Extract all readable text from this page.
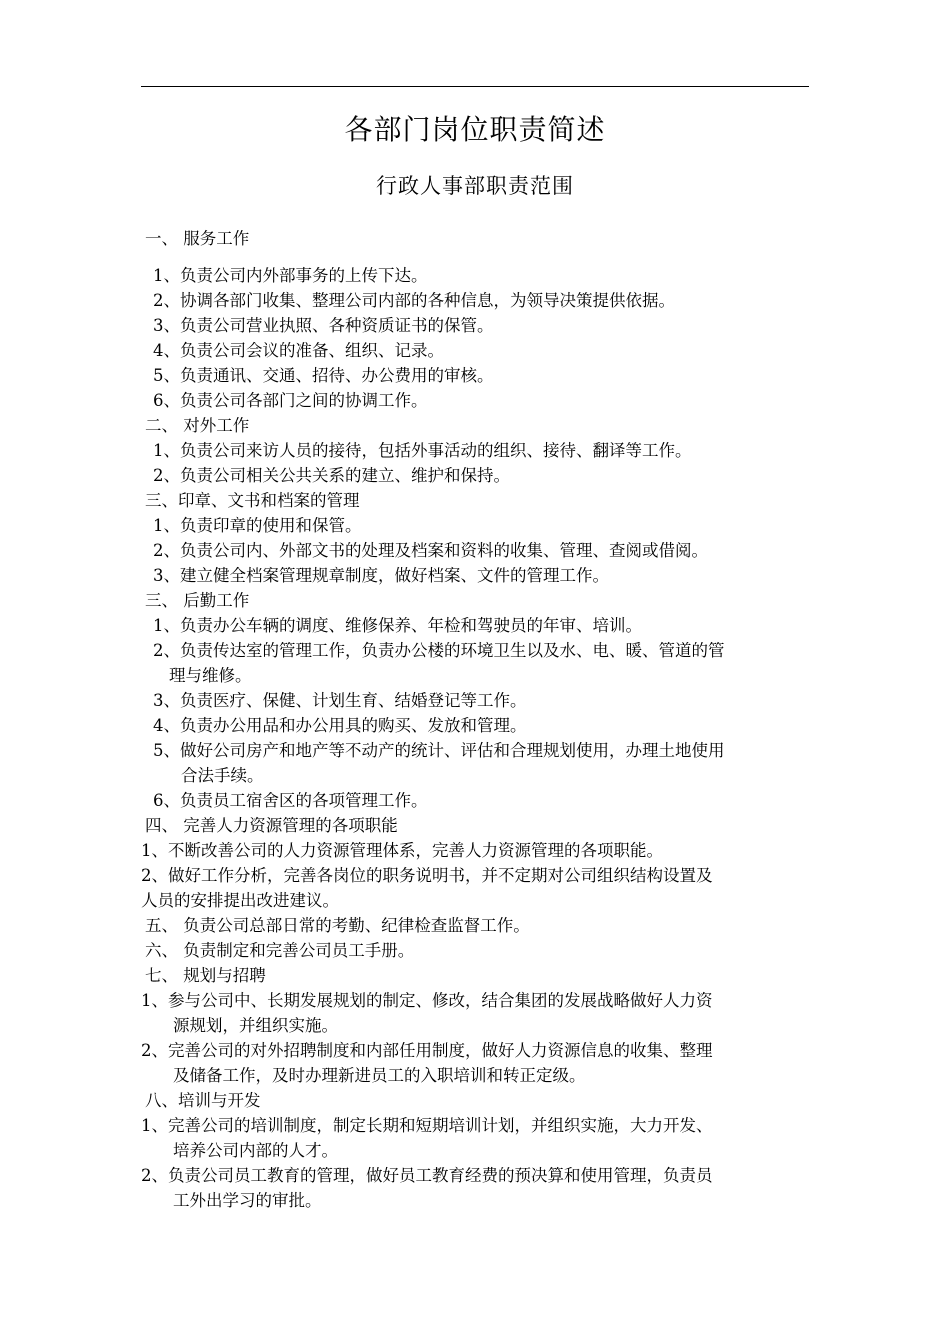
各部门岗位职责简述
行政人事部职责范围

一、 服务工作

1、负责公司内外部事务的上传下达。

2、协调各部门收集、整理公司内部的各种信息，为领导决策提供依据。

3、负责公司营业执照、各种资质证书的保管。

4、负责公司会议的准备、组织、记录。

5、负责通讯、交通、招待、办公费用的审核。

6、负责公司各部门之间的协调工作。

二、 对外工作

1、负责公司来访人员的接待，包括外事活动的组织、接待、翻译等工作。

2、负责公司相关公共关系的建立、维护和保持。

三、印章、文书和档案的管理

1、负责印章的使用和保管。

2、负责公司内、外部文书的处理及档案和资料的收集、管理、查阅或借阅。

3、建立健全档案管理规章制度，做好档案、文件的管理工作。

三、 后勤工作

1、负责办公车辆的调度、维修保养、年检和驾驶员的年审、培训。

2、负责传达室的管理工作，负责办公楼的环境卫生以及水、电、暖、管道的管
理与维修。

3、负责医疗、保健、计划生育、结婚登记等工作。

4、负责办公用品和办公用具的购买、发放和管理。

5、做好公司房产和地产等不动产的统计、评估和合理规划使用，办理土地使用
合法手续。

6、负责员工宿舍区的各项管理工作。

四、 完善人力资源管理的各项职能

1、不断改善公司的人力资源管理体系，完善人力资源管理的各项职能。

2、做好工作分析，完善各岗位的职务说明书，并不定期对公司组织结构设置及
人员的安排提出改进建议。

五、 负责公司总部日常的考勤、纪律检查监督工作。

六、 负责制定和完善公司员工手册。

七、 规划与招聘

1、参与公司中、长期发展规划的制定、修改，结合集团的发展战略做好人力资
源规划，并组织实施。
2、完善公司的对外招聘制度和内部任用制度，做好人力资源信息的收集、整理
及储备工作，及时办理新进员工的入职培训和转正定级。

八、培训与开发

1、完善公司的培训制度，制定长期和短期培训计划，并组织实施，大力开发、
培养公司内部的人才。
2、负责公司员工教育的管理，做好员工教育经费的预决算和使用管理，负责员
工外出学习的审批。
